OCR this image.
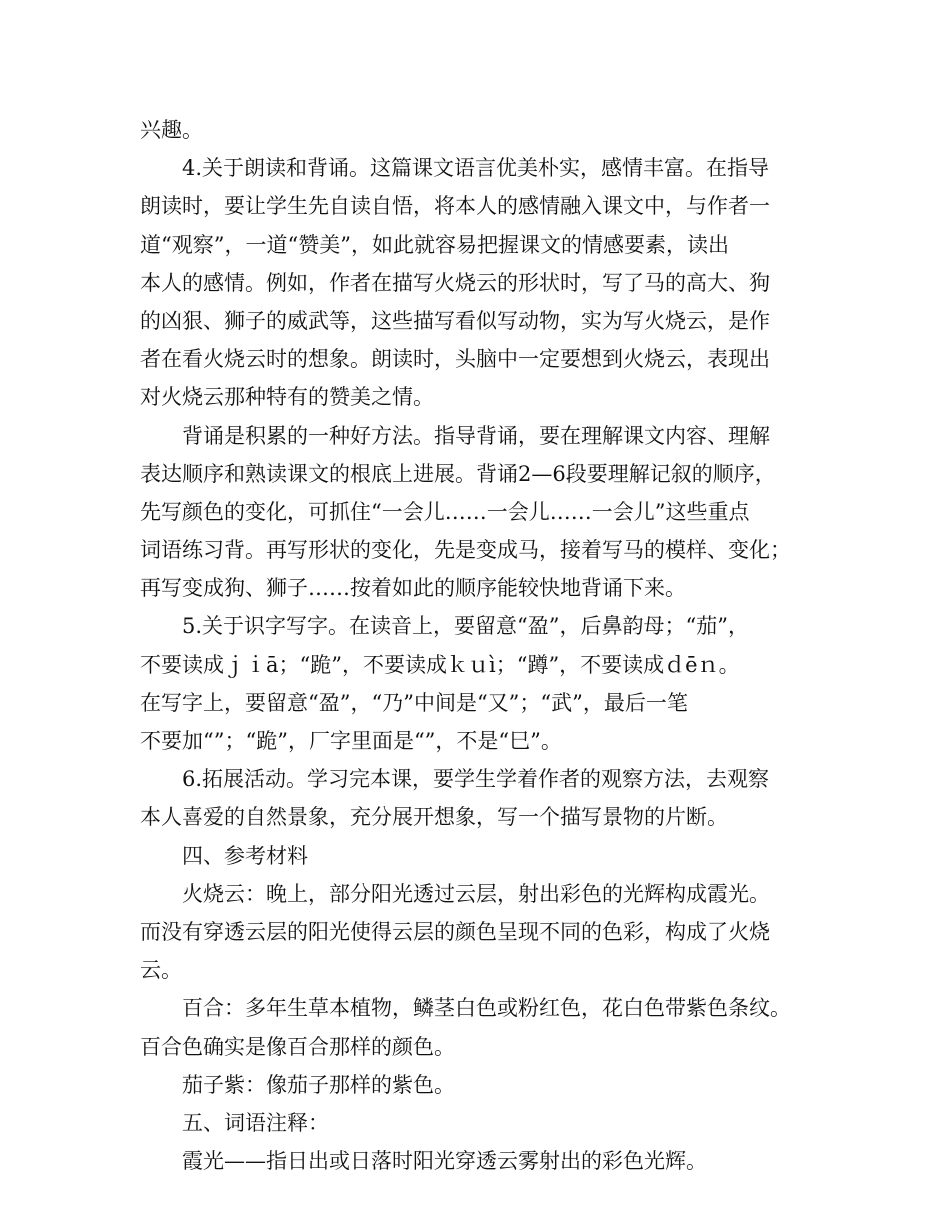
兴趣。
4.关于朗读和背诵。这篇课文语言优美朴实，感情丰富。在指导
朗读时，要让学生先自读自悟，将本人的感情融入课文中，与作者一
道“观察”，一道“赞美”，如此就容易把握课文的情感要素，读出
本人的感情。例如，作者在描写火烧云的形状时，写了马的高大、狗
的凶狠、狮子的威武等，这些描写看似写动物，实为写火烧云，是作
者在看火烧云时的想象。朗读时，头脑中一定要想到火烧云，表现出
对火烧云那种特有的赞美之情。
背诵是积累的一种好方法。指导背诵，要在理解课文内容、理解
表达顺序和熟读课文的根底上进展。背诵2—6段要理解记叙的顺序，
先写颜色的变化，可抓住“一会儿……一会儿……一会儿”这些重点
词语练习背。再写形状的变化，先是变成马，接着写马的模样、变化；
再写变成狗、狮子……按着如此的顺序能较快地背诵下来。
5.关于识字写字。在读音上，要留意“盈”，后鼻韵母；“茄”，
不要读成ｊｉā；“跪”，不要读成ｋｕì；“蹲”，不要读成ｄēｎ。
在写字上，要留意“盈”，“乃”中间是“又”；“武”，最后一笔
不要加“”；“跪”，厂字里面是“”，不是“巳”。
6.拓展活动。学习完本课，要学生学着作者的观察方法，去观察
本人喜爱的自然景象，充分展开想象，写一个描写景物的片断。
四、参考材料
火烧云：晚上，部分阳光透过云层，射出彩色的光辉构成霞光。
而没有穿透云层的阳光使得云层的颜色呈现不同的色彩，构成了火烧
云。
百合：多年生草本植物，鳞茎白色或粉红色，花白色带紫色条纹。
百合色确实是像百合那样的颜色。
茄子紫：像茄子那样的紫色。
五、词语注释：
霞光——指日出或日落时阳光穿透云雾射出的彩色光辉。
